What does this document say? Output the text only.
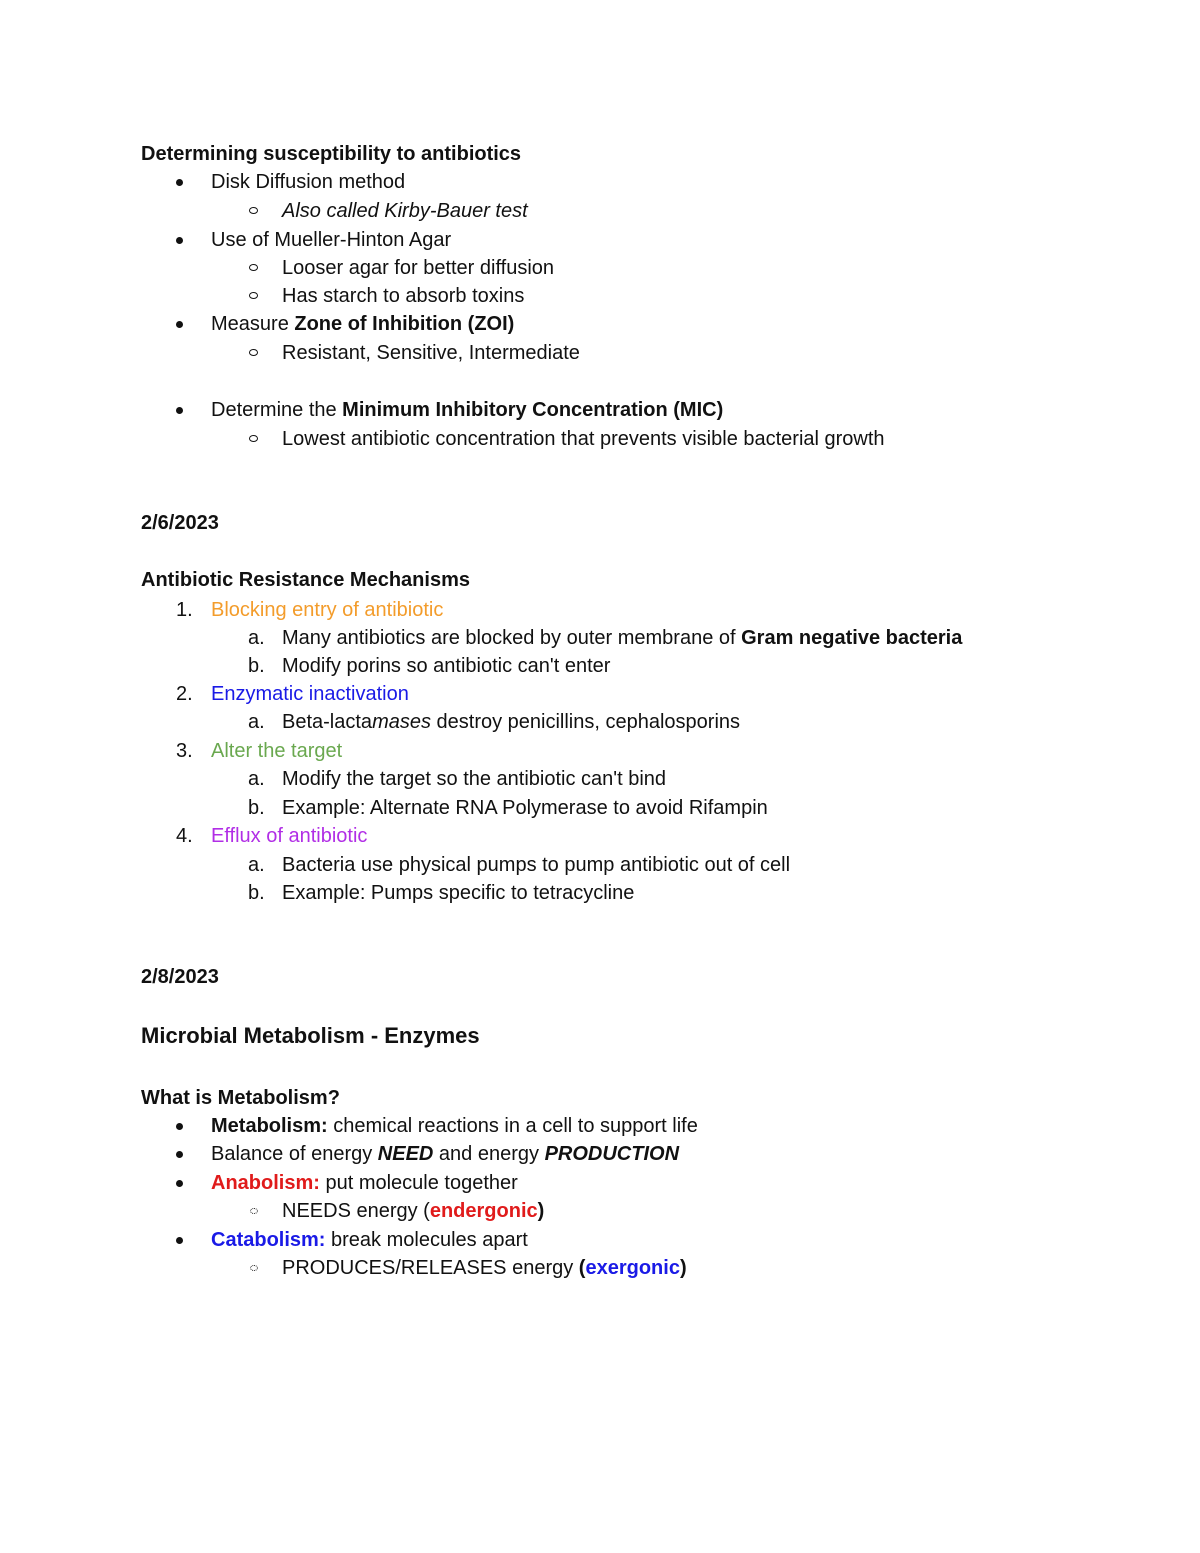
Determining susceptibility to antibiotics
Disk Diffusion method
Also called Kirby-Bauer test
Use of Mueller-Hinton Agar
Looser agar for better diffusion
Has starch to absorb toxins
Measure Zone of Inhibition (ZOI)
Resistant, Sensitive, Intermediate
Determine the Minimum Inhibitory Concentration (MIC)
Lowest antibiotic concentration that prevents visible bacterial growth
2/6/2023
Antibiotic Resistance Mechanisms
1. Blocking entry of antibiotic
a. Many antibiotics are blocked by outer membrane of Gram negative bacteria
b. Modify porins so antibiotic can't enter
2. Enzymatic inactivation
a. Beta-lactamases destroy penicillins, cephalosporins
3. Alter the target
a. Modify the target so the antibiotic can't bind
b. Example: Alternate RNA Polymerase to avoid Rifampin
4. Efflux of antibiotic
a. Bacteria use physical pumps to pump antibiotic out of cell
b. Example: Pumps specific to tetracycline
2/8/2023
Microbial Metabolism - Enzymes
What is Metabolism?
Metabolism: chemical reactions in a cell to support life
Balance of energy NEED and energy PRODUCTION
Anabolism: put molecule together
NEEDS energy (endergonic)
Catabolism: break molecules apart
PRODUCES/RELEASES energy (exergonic)
